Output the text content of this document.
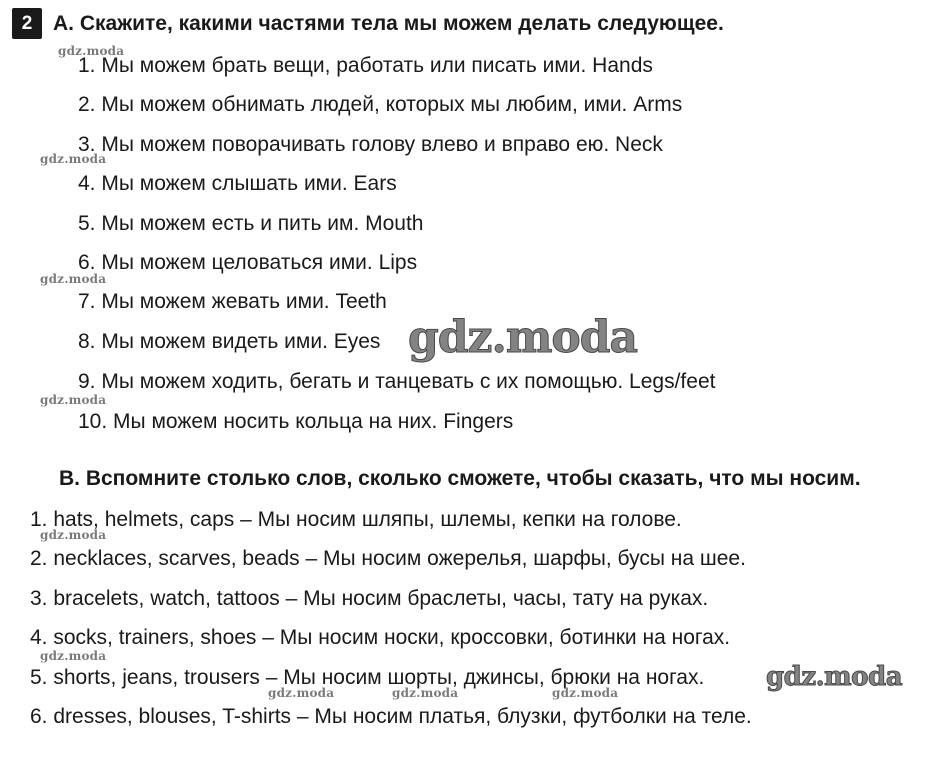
2 A. Скажите, какими частями тела мы можем делать следующее.
1. Мы можем брать вещи, работать или писать ими. Hands
2. Мы можем обнимать людей, которых мы любим, ими. Arms
3. Мы можем поворачивать голову влево и вправо ею. Neck
4. Мы можем слышать ими. Ears
5. Мы можем есть и пить им. Mouth
6. Мы можем целоваться ими. Lips
7. Мы можем жевать ими. Teeth
8. Мы можем видеть ими. Eyes
9. Мы можем ходить, бегать и танцевать с их помощью. Legs/feet
10. Мы можем носить кольца на них. Fingers
B. Вспомните столько слов, сколько сможете, чтобы сказать, что мы носим.
1. hats, helmets, caps – Мы носим шляпы, шлемы, кепки на голове.
2. necklaces, scarves, beads – Мы носим ожерелья, шарфы, бусы на шее.
3. bracelets, watch, tattoos – Мы носим браслеты, часы, тату на руках.
4. socks, trainers, shoes – Мы носим носки, кроссовки, ботинки на ногах.
5. shorts, jeans, trousers – Мы носим шорты, джинсы, брюки на ногах.
6. dresses, blouses, T-shirts – Мы носим платья, блузки, футболки на теле.
gdz.moda
gdz.moda
gdz.moda
gdz.moda
gdz.moda
gdz.moda
gdz.moda	gdz.moda	gdz.moda
gdz.moda
gdz.moda
